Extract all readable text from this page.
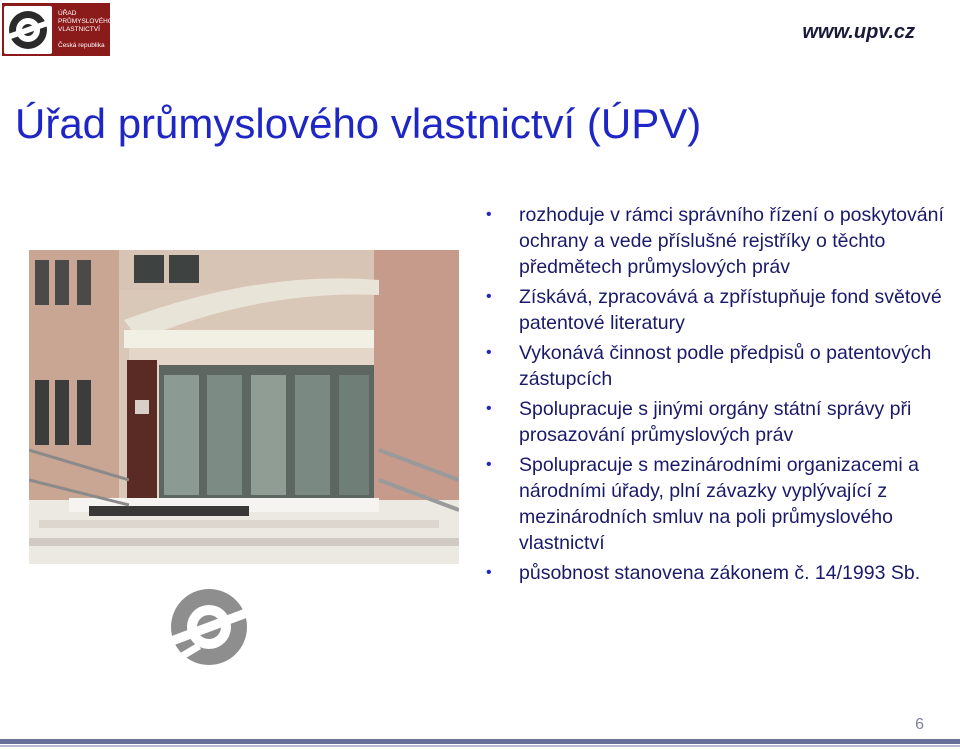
ÚŘAD
PRŮMYSLOVÉHO
VLASTNICTVÍ
Česká republika
www.upv.cz
Úřad průmyslového vlastnictví (ÚPV)
• rozhoduje v rámci správního řízení o poskytování ochrany a vede příslušné rejstříky o těchto předmětech průmyslových práv
• Získává, zpracovává a zpřístupňuje fond světové patentové literatury
• Vykonává činnost podle předpisů o patentových zástupcích
• Spolupracuje s jinými orgány státní správy při prosazování průmyslových práv
• Spolupracuje s mezinárodními organizacemi a národními úřady, plní závazky vyplývající z mezinárodních smluv na poli průmyslového vlastnictví
• působnost stanovena zákonem č. 14/1993 Sb.
6
